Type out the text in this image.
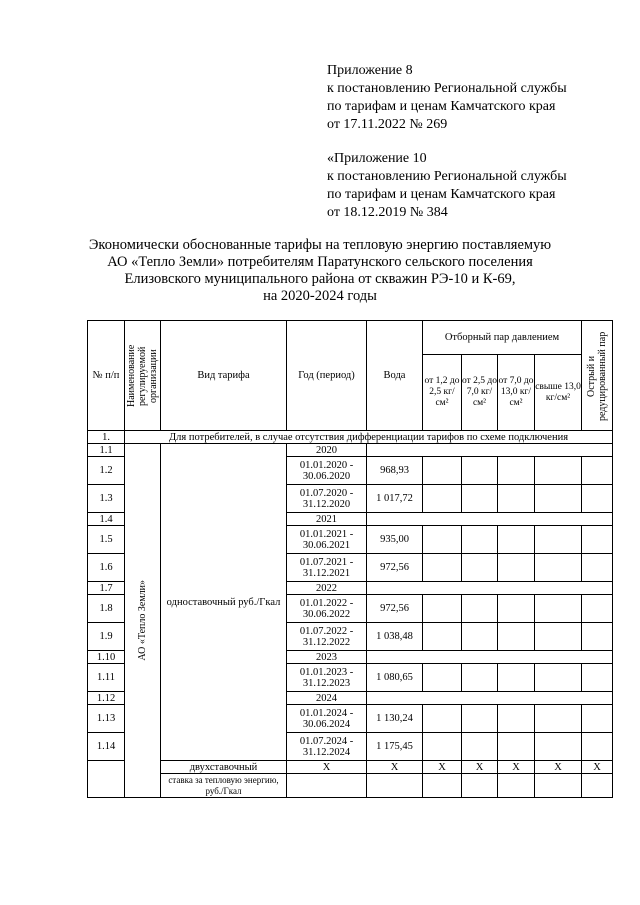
Приложение 8
к постановлению Региональной службы
по тарифам и ценам Камчатского края
от 17.11.2022 № 269
«Приложение 10
к постановлению Региональной службы
по тарифам и ценам Камчатского края
от 18.12.2019 № 384
Экономически обоснованные тарифы на тепловую энергию поставляемую
АО «Тепло Земли» потребителям Паратунского сельского поселения
Елизовского муниципального района от скважин РЭ-10 и К-69,
на 2020-2024 годы
№ п/п	Наименование регулируемой организации	Вид тарифа	Год (период)	Вода	Отборный пар давлением				Острый и редуцированный пар

					от 1,2 до 2,5 кг/см²	от 2,5 до 7,0 кг/см²	от 7,0 до 13,0 кг/см²	свыше 13,0 кг/см²	
1.	Для потребителей, в случае отсутствия дифференциации тарифов по схеме подключения								
1.1	АО «Тепло Земли»	одноставочный руб./Гкал	2020						
1.2			01.01.2020 - 30.06.2020	968,93					
1.3			01.07.2020 - 31.12.2020	1 017,72					
1.4			2021						
1.5			01.01.2021 - 30.06.2021	935,00					
1.6			01.07.2021 - 31.12.2021	972,56					
1.7			2022						
1.8			01.01.2022 - 30.06.2022	972,56					
1.9			01.07.2022 - 31.12.2022	1 038,48					
1.10			2023						
1.11			01.01.2023 - 31.12.2023	1 080,65					
1.12			2024						
1.13			01.01.2024 - 30.06.2024	1 130,24					
1.14			01.07.2024 - 31.12.2024	1 175,45					
		двухставочный	X	X	X	X	X	X	X
		ставка за тепловую энергию, руб./Гкал							
